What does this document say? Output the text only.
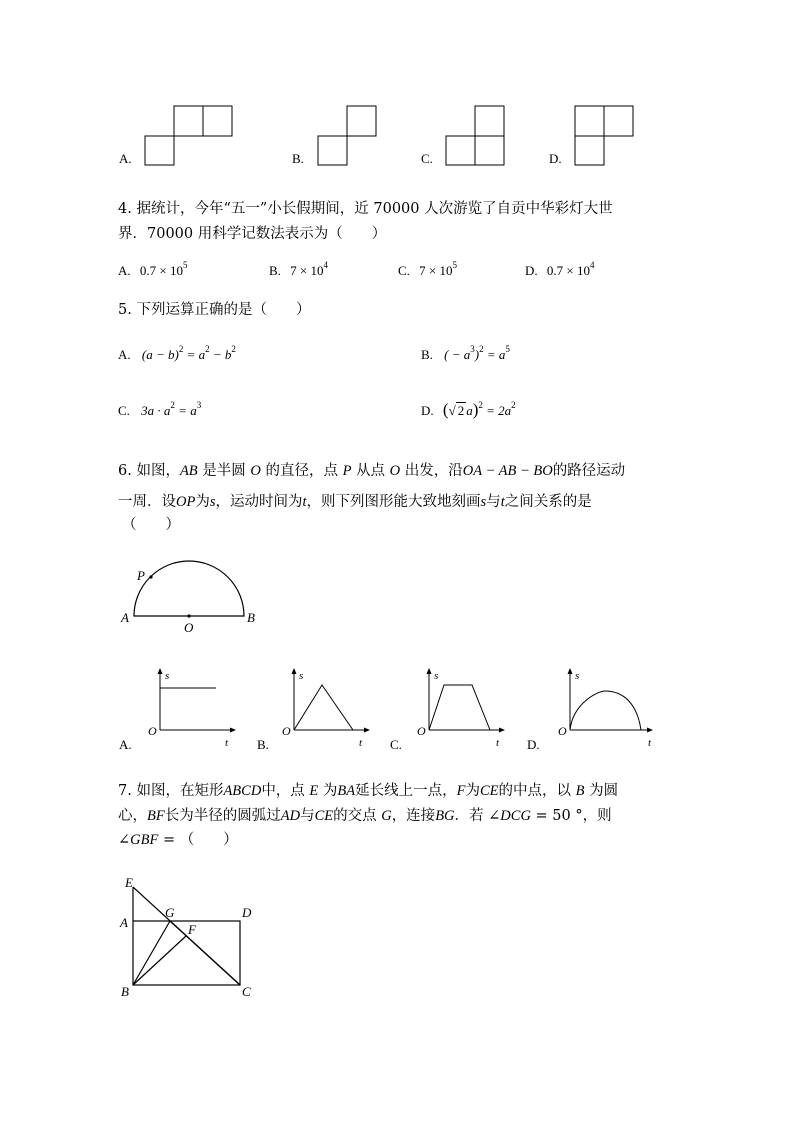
A.	B.	C.	D.
4. 据统计，今年“五一”小长假期间，近 70000 人次游览了自贡中华彩灯大世
界．70000 用科学记数法表示为（　　）
A. $0.7 \times 10^5$	B. $7 \times 10^4$	C. $7 \times 10^5$	D. $0.7 \times 10^4$
5. 下列运算正确的是（　　）
A. $(a - b)^2 = a^2 - b^2$	B. ( − $a^3)^2 = a^5$
C. $3a \cdot a^2 = a^3$	D. (√ 2 $a)^2 = 2a^2$
6. 如图，AB 是半圆 O 的直径，点 P 从点 O 出发，沿OA − AB − BO的路径运动
一周．设OP为s，运动时间为t，则下列图形能大致地刻画s与t之间关系的是
（　　）
P
A
O
B
s
t
O
A.
s
t
O
B.
s
t
O
C.
s
t
O
D.
7. 如图，在矩形ABCD中，点 E 为BA延长线上一点，F为CE的中点，以 B 为圆
心，BF长为半径的圆弧过AD与CE的交点 G，连接BG．若 ∠DCG = 50 °，则
∠GBF = （　　）
E
A
G
F
D
B	C
